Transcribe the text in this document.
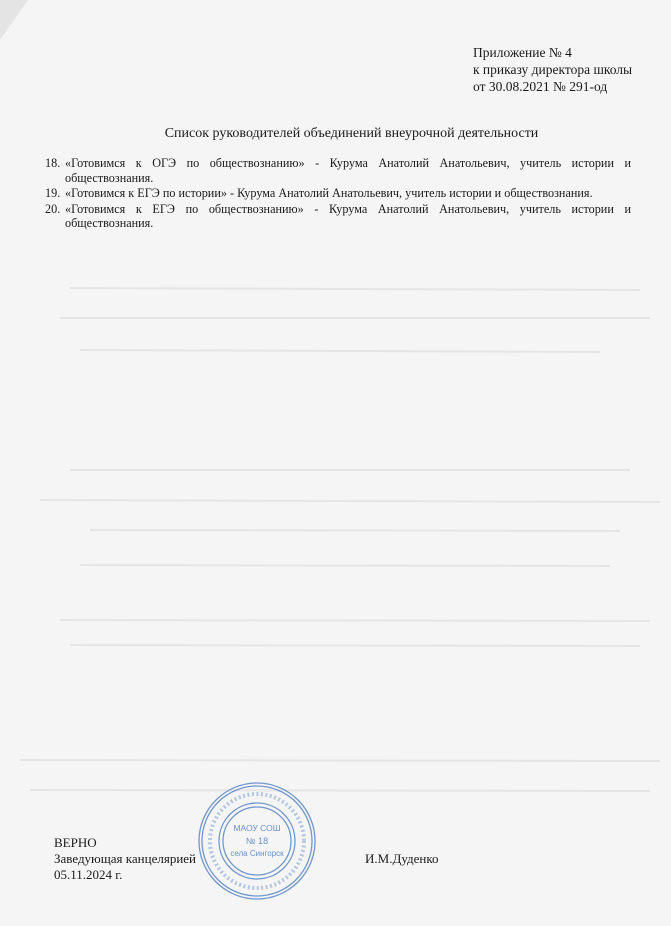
Приложение № 4
к приказу директора школы
от 30.08.2021 № 291-од
Список руководителей объединений внеурочной деятельности
18. «Готовимся к ОГЭ по обществознанию» - Курума Анатолий Анатольевич, учитель истории и
обществознания.
19. «Готовимся к ЕГЭ по истории» - Курума Анатолий Анатольевич, учитель истории и обществознания.
20. «Готовимся к ЕГЭ по обществознанию» - Курума Анатолий Анатольевич, учитель истории и
обществознания.
ВЕРНО
Заведующая канцелярией
05.11.2024 г.
И.М.Дуденко
МАОУ СОШ
№ 18
села Сингорск
